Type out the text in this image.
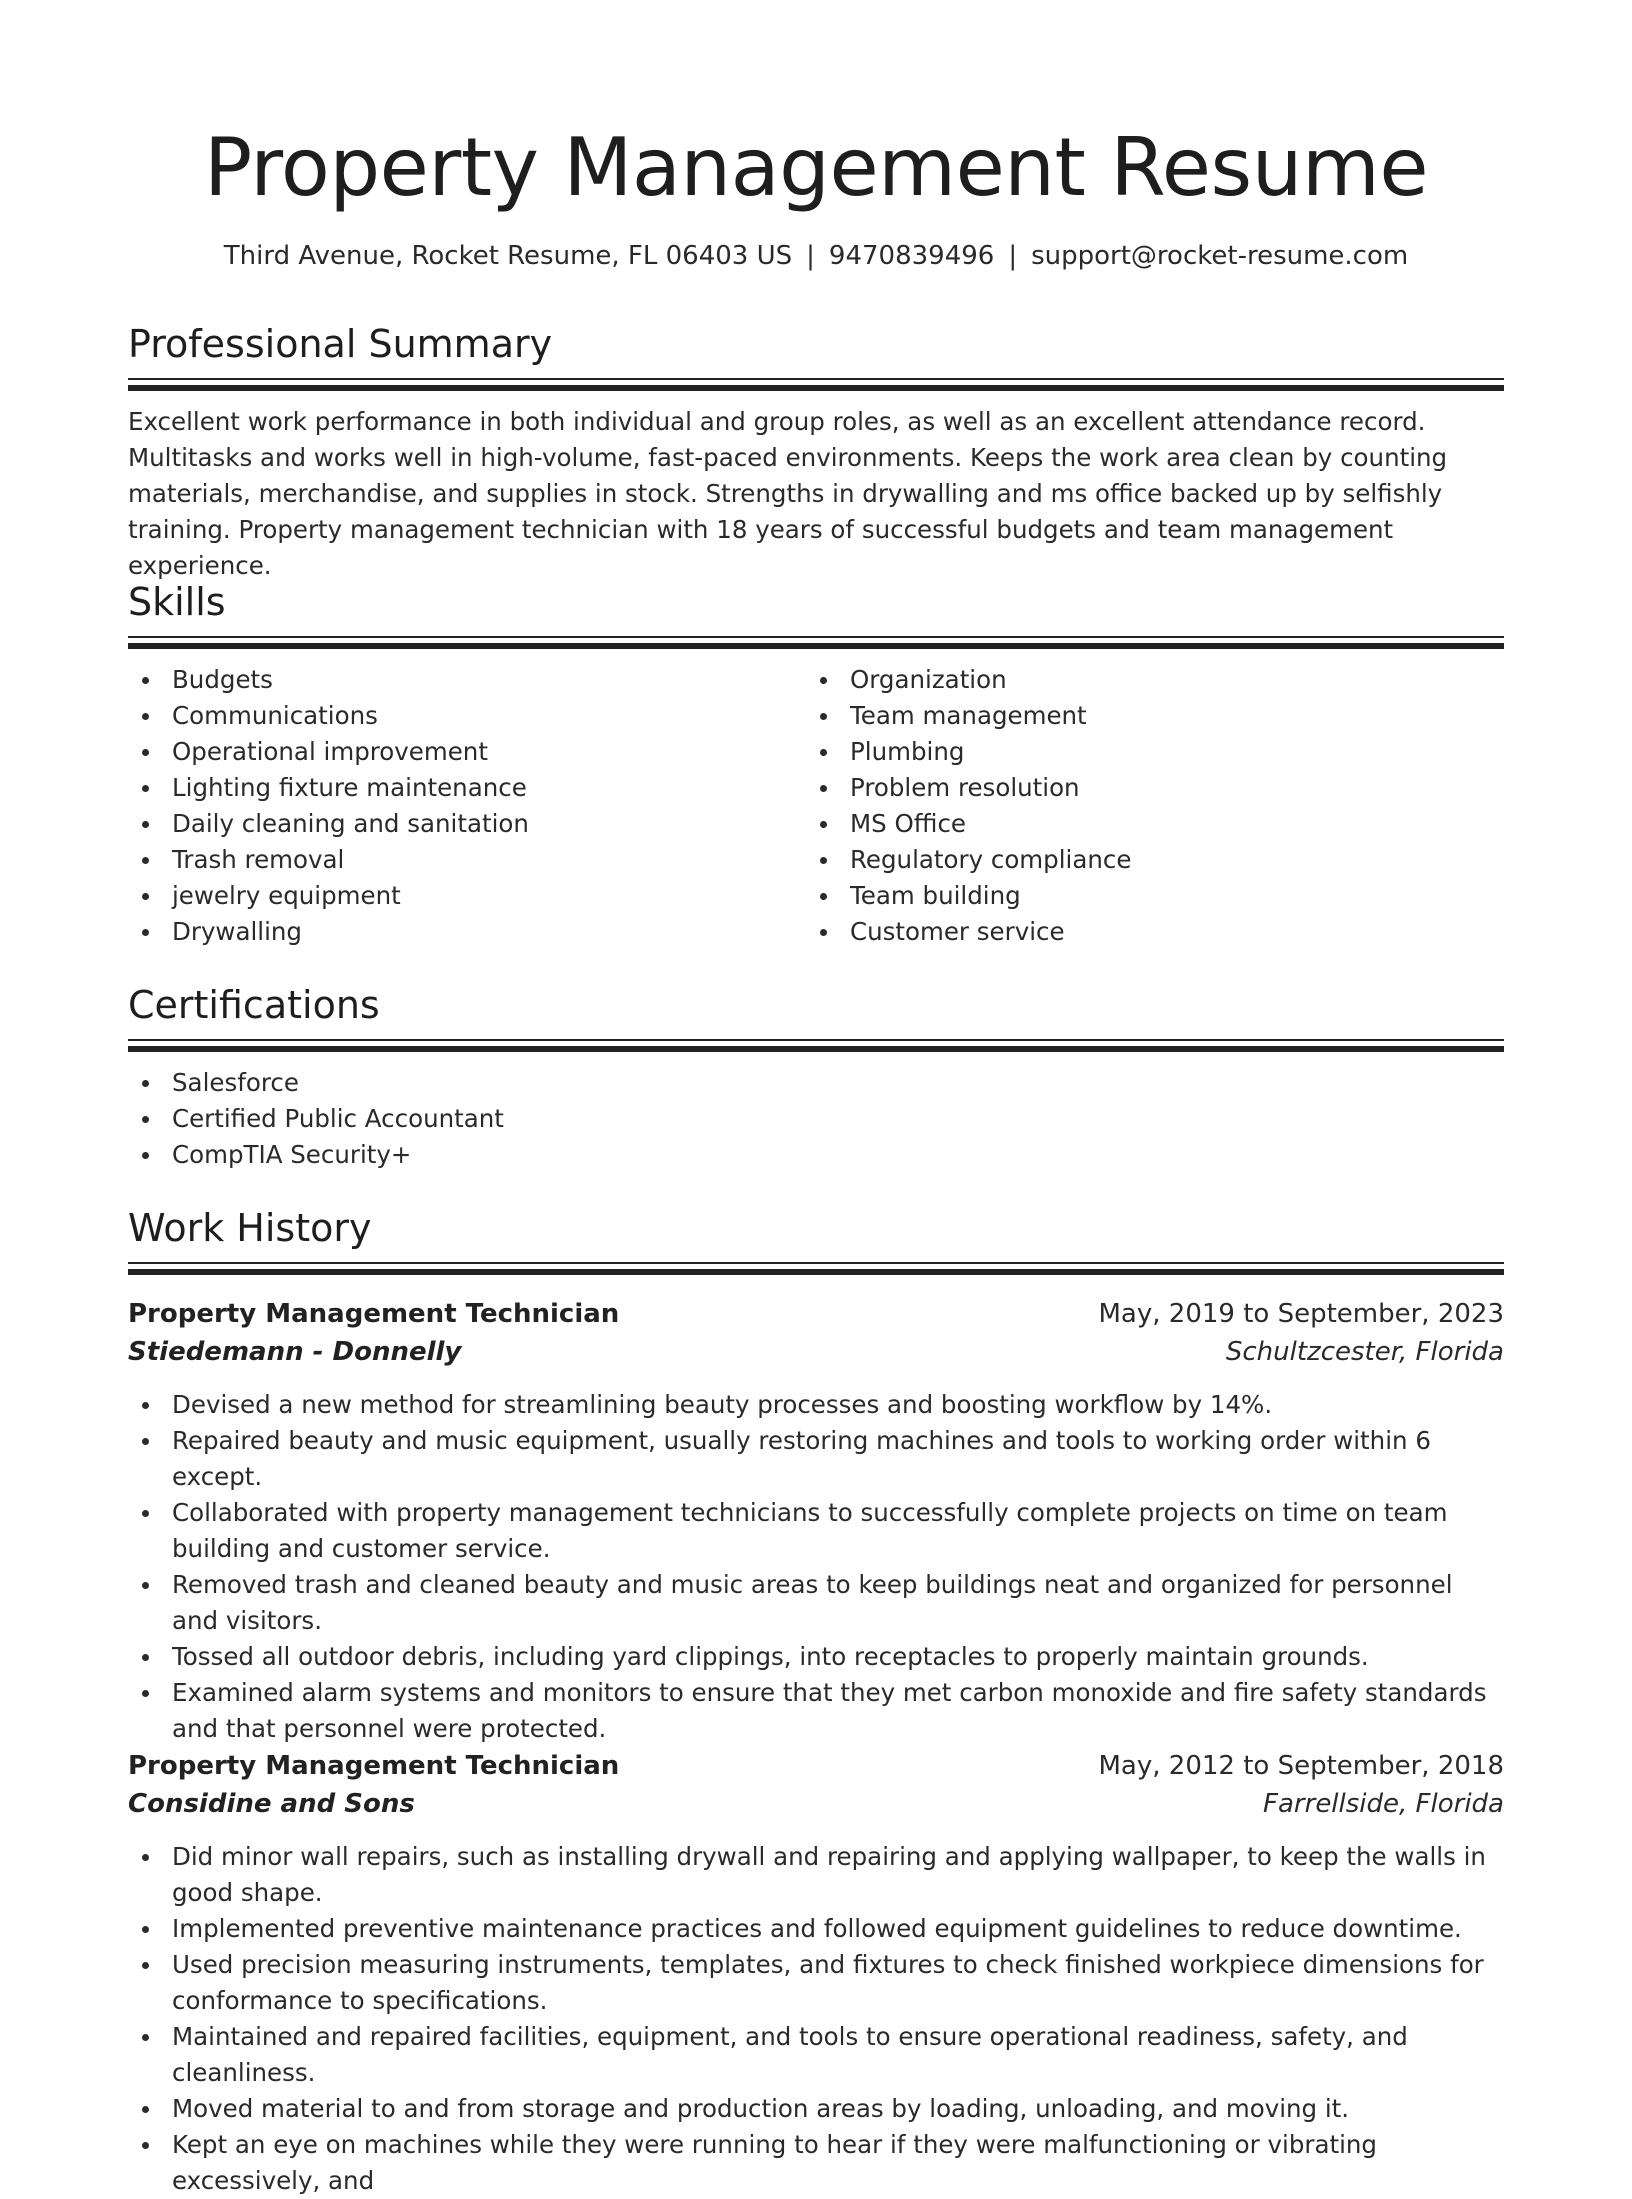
Property Management Resume
Third Avenue, Rocket Resume, FL 06403 US | 9470839496 | support@rocket-resume.com
Professional Summary

Excellent work performance in both individual and group roles, as well as an excellent attendance record. Multitasks and works well in high-volume, fast-paced environments. Keeps the work area clean by counting materials, merchandise, and supplies in stock. Strengths in drywalling and ms office backed up by selfishly training. Property management technician with 18 years of successful budgets and team management experience.

Skills
Budgets
Communications
Operational improvement
Lighting fixture maintenance
Daily cleaning and sanitation
Trash removal
jewelry equipment
Drywalling
Organization
Team management
Plumbing
Problem resolution
MS Office
Regulatory compliance
Team building
Customer service
Certifications
Salesforce
Certified Public Accountant
CompTIA Security+
Work History
Property Management Technician	May, 2019 to September, 2023
Stiedemann - Donnelly	Schultzcester, Florida
Devised a new method for streamlining beauty processes and boosting workflow by 14%.
Repaired beauty and music equipment, usually restoring machines and tools to working order within 6 except.
Collaborated with property management technicians to successfully complete projects on time on team building and customer service.
Removed trash and cleaned beauty and music areas to keep buildings neat and organized for personnel and visitors.
Tossed all outdoor debris, including yard clippings, into receptacles to properly maintain grounds.
Examined alarm systems and monitors to ensure that they met carbon monoxide and fire safety standards and that personnel were protected.
Property Management Technician	May, 2012 to September, 2018
Considine and Sons	Farrellside, Florida
Did minor wall repairs, such as installing drywall and repairing and applying wallpaper, to keep the walls in good shape.
Implemented preventive maintenance practices and followed equipment guidelines to reduce downtime.
Used precision measuring instruments, templates, and fixtures to check finished workpiece dimensions for conformance to specifications.
Maintained and repaired facilities, equipment, and tools to ensure operational readiness, safety, and cleanliness.
Moved material to and from storage and production areas by loading, unloading, and moving it.
Kept an eye on machines while they were running to hear if they were malfunctioning or vibrating excessively, and
